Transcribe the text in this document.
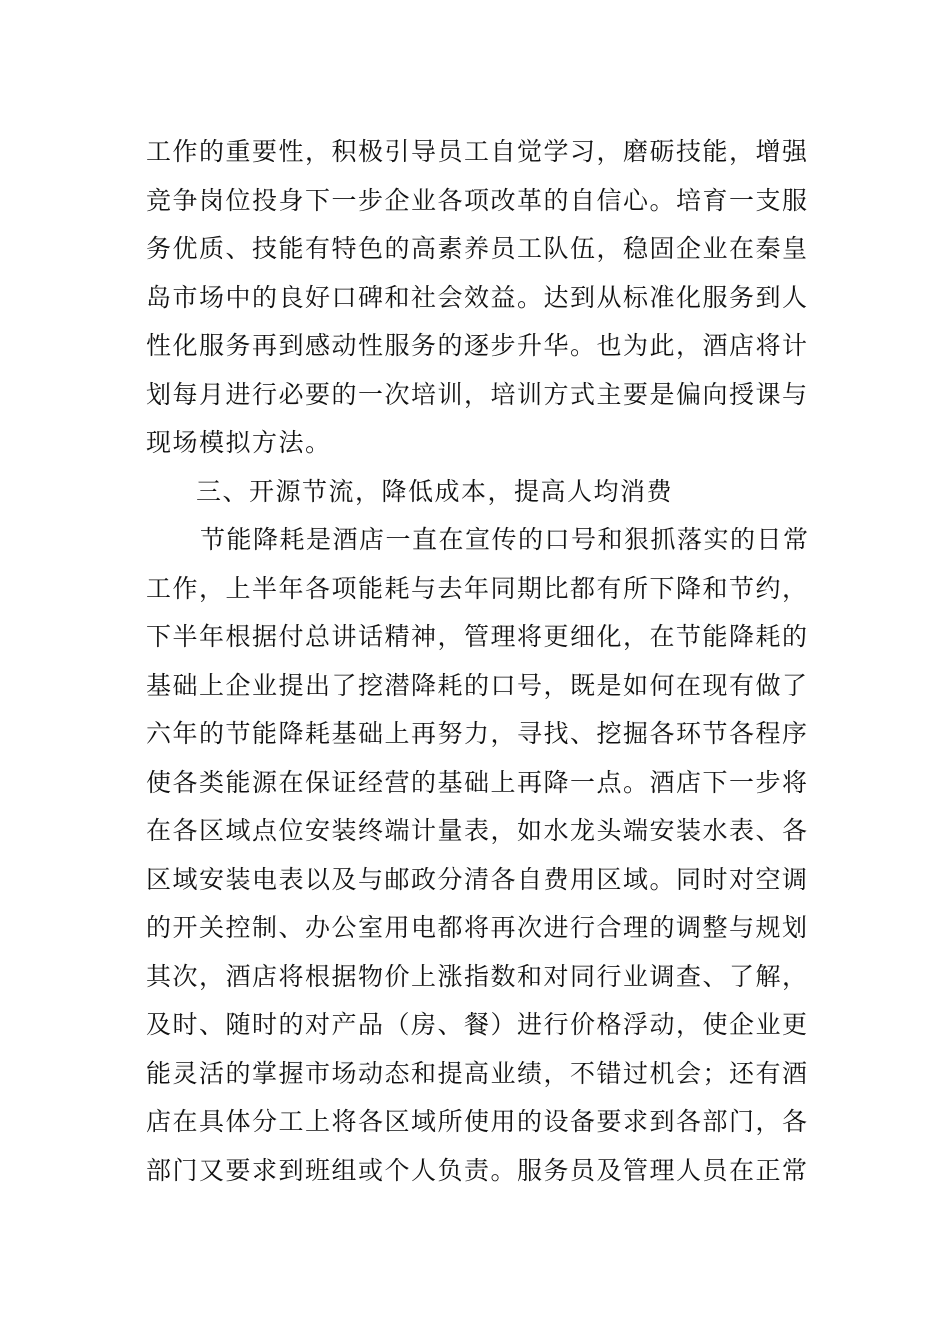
工作的重要性，积极引导员工自觉学习，磨砺技能，增强
竞争岗位投身下一步企业各项改革的自信心。培育一支服
务优质、技能有特色的高素养员工队伍，稳固企业在秦皇
岛市场中的良好口碑和社会效益。达到从标准化服务到人
性化服务再到感动性服务的逐步升华。也为此，酒店将计
划每月进行必要的一次培训，培训方式主要是偏向授课与
现场模拟方法。
三、开源节流，降低成本，提高人均消费
节能降耗是酒店一直在宣传的口号和狠抓落实的日常
工作，上半年各项能耗与去年同期比都有所下降和节约，
下半年根据付总讲话精神，管理将更细化，在节能降耗的
基础上企业提出了挖潜降耗的口号，既是如何在现有做了
六年的节能降耗基础上再努力，寻找、挖掘各环节各程序
使各类能源在保证经营的基础上再降一点。酒店下一步将
在各区域点位安装终端计量表，如水龙头端安装水表、各
区域安装电表以及与邮政分清各自费用区域。同时对空调
的开关控制、办公室用电都将再次进行合理的调整与规划
其次，酒店将根据物价上涨指数和对同行业调查、了解，
及时、随时的对产品（房、餐）进行价格浮动，使企业更
能灵活的掌握市场动态和提高业绩，不错过机会；还有酒
店在具体分工上将各区域所使用的设备要求到各部门，各
部门又要求到班组或个人负责。服务员及管理人员在正常
